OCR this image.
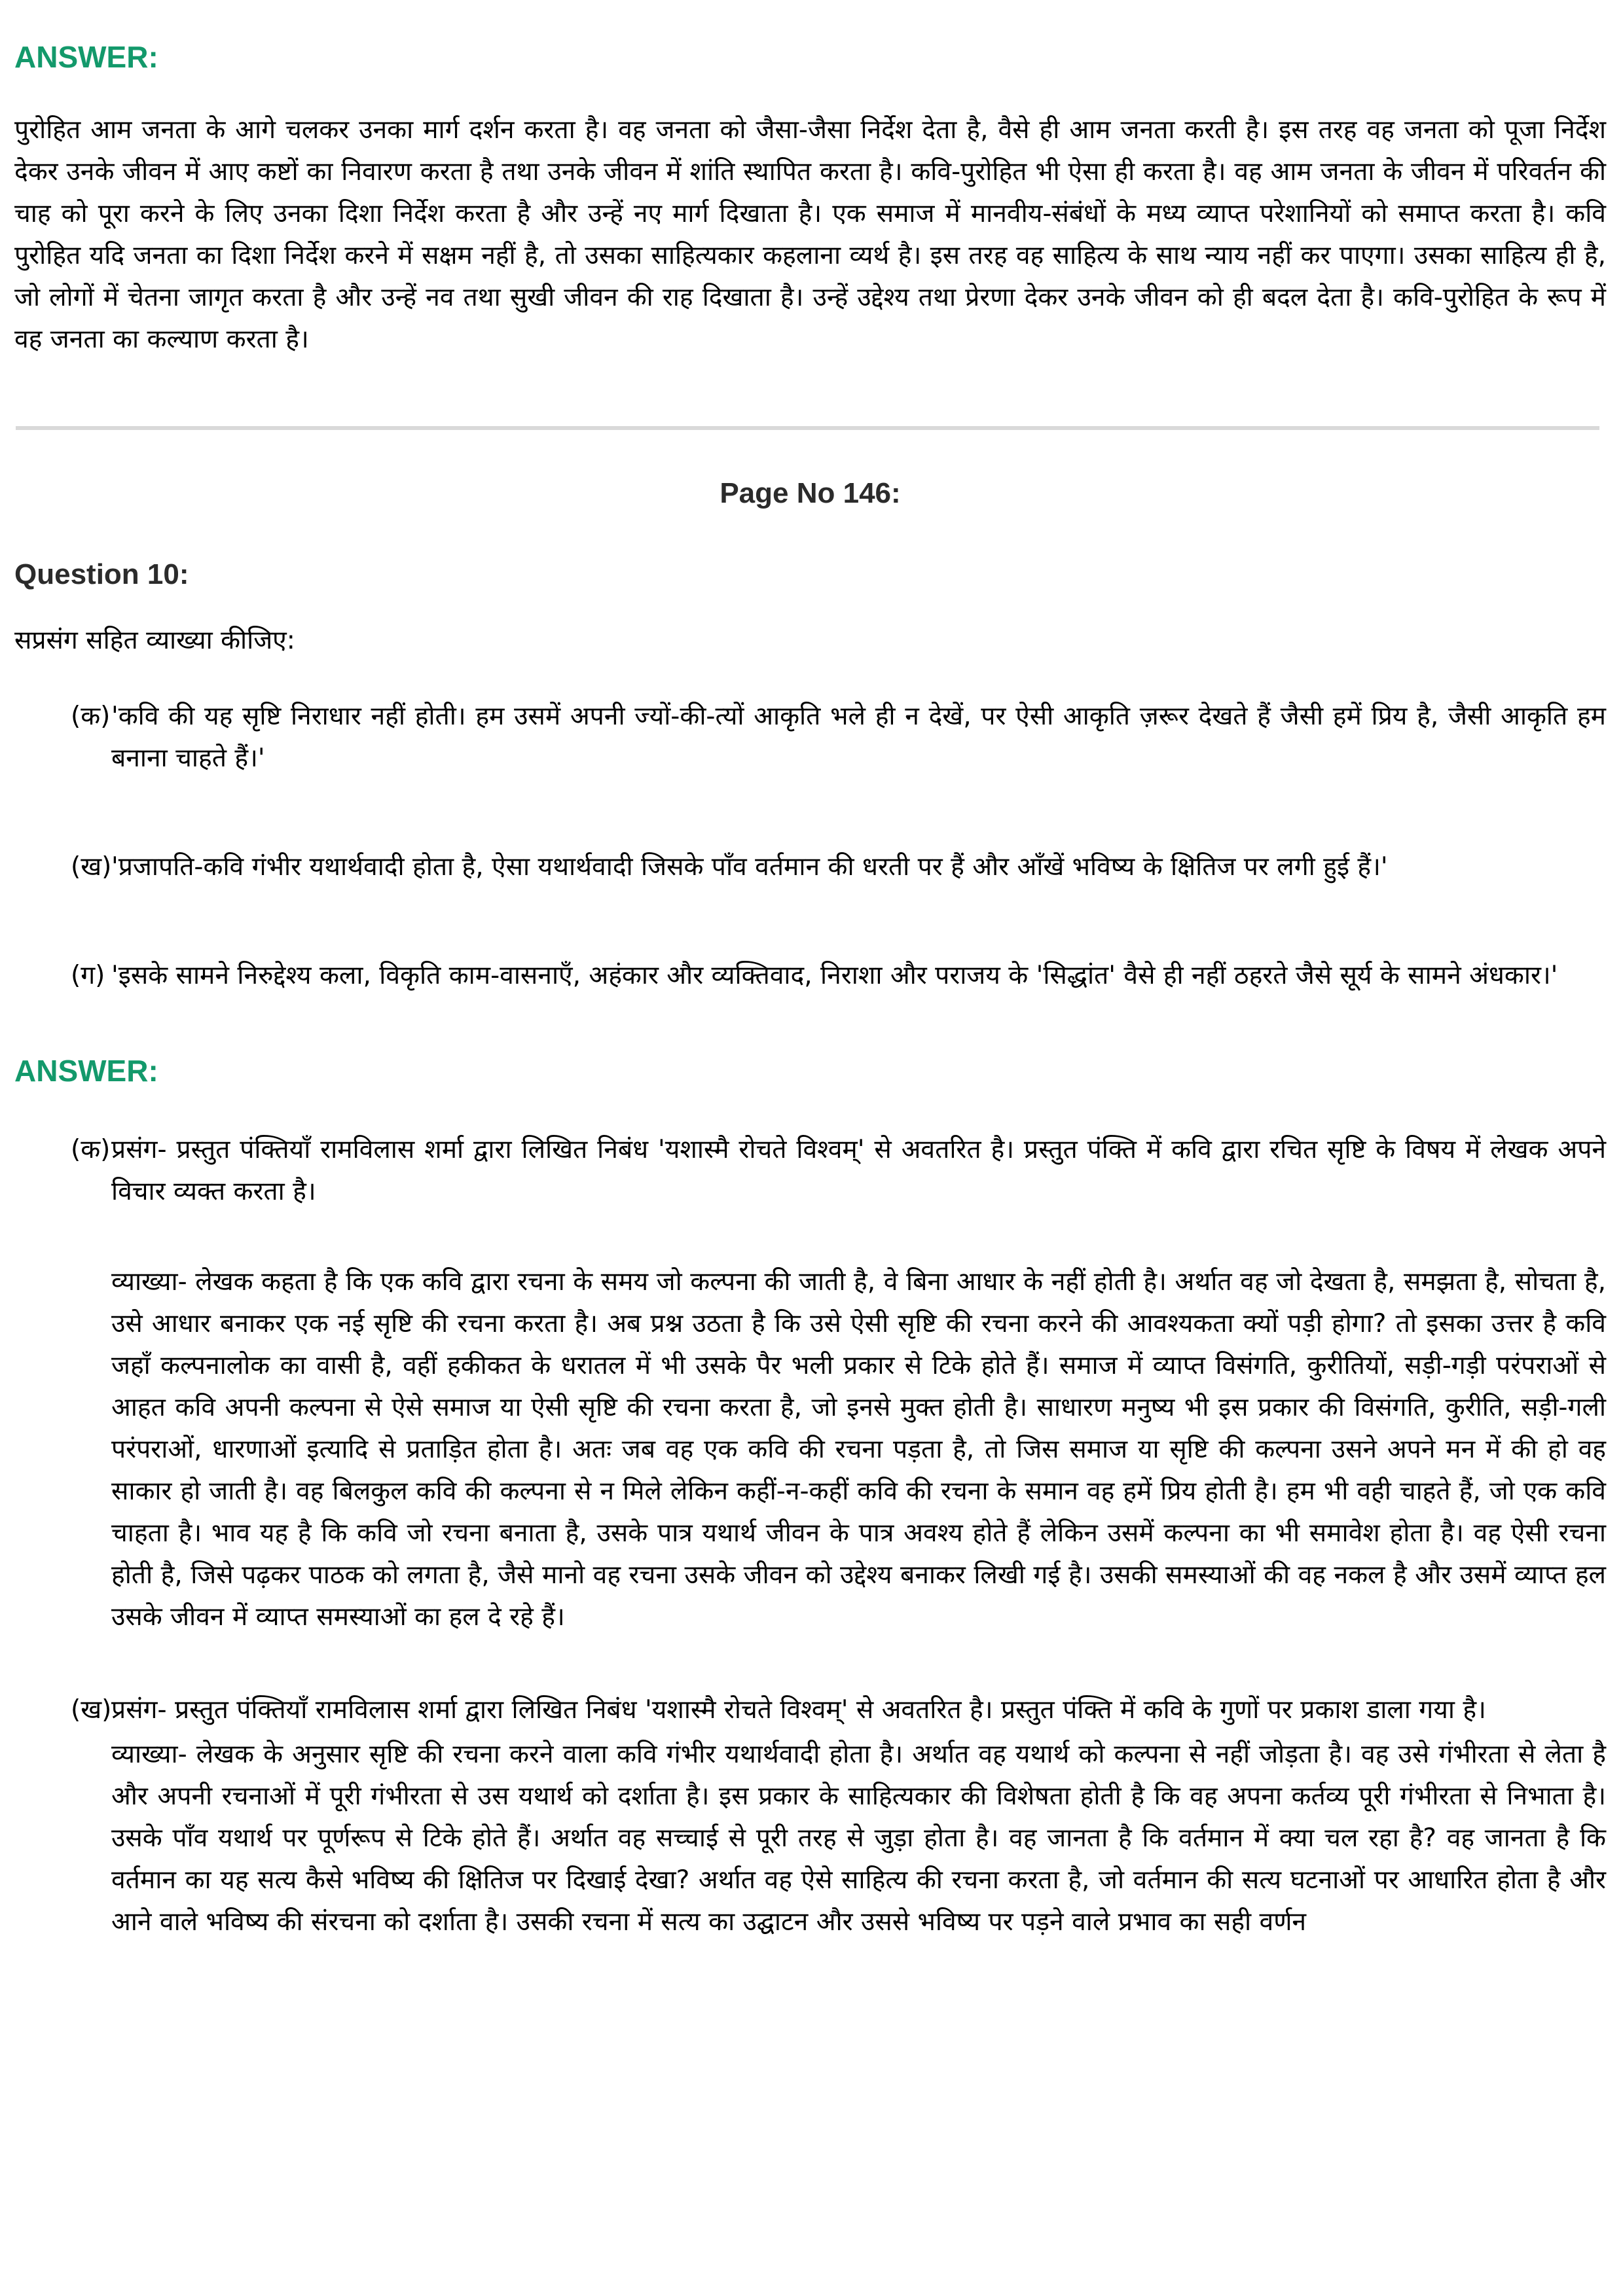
ANSWER:

पुरोहित आम जनता के आगे चलकर उनका मार्ग दर्शन करता है। वह जनता को जैसा-जैसा निर्देश देता है, वैसे ही आम जनता करती है। इस तरह वह जनता को पूजा निर्देश देकर उनके जीवन में आए कष्टों का निवारण करता है तथा उनके जीवन में शांति स्थापित करता है। कवि-पुरोहित भी ऐसा ही करता है। वह आम जनता के जीवन में परिवर्तन की चाह को पूरा करने के लिए उनका दिशा निर्देश करता है और उन्हें नए मार्ग दिखाता है। एक समाज में मानवीय-संबंधों के मध्य व्याप्त परेशानियों को समाप्त करता है। कवि पुरोहित यदि जनता का दिशा निर्देश करने में सक्षम नहीं है, तो उसका साहित्यकार कहलाना व्यर्थ है। इस तरह वह साहित्य के साथ न्याय नहीं कर पाएगा। उसका साहित्य ही है, जो लोगों में चेतना जागृत करता है और उन्हें नव तथा सुखी जीवन की राह दिखाता है। उन्हें उद्देश्य तथा प्रेरणा देकर उनके जीवन को ही बदल देता है। कवि-पुरोहित के रूप में वह जनता का कल्याण करता है।

Page No 146:
Question 10:

सप्रसंग सहित व्याख्या कीजिए:

(क) 'कवि की यह सृष्टि निराधार नहीं होती। हम उसमें अपनी ज्यों-की-त्यों आकृति भले ही न देखें, पर ऐसी आकृति ज़रूर देखते हैं जैसी हमें प्रिय है, जैसी आकृति हम बनाना चाहते हैं।'
(ख) 'प्रजापति-कवि गंभीर यथार्थवादी होता है, ऐसा यथार्थवादी जिसके पाँव वर्तमान की धरती पर हैं और आँखें भविष्य के क्षितिज पर लगी हुई हैं।'
(ग) 'इसके सामने निरुद्देश्य कला, विकृति काम-वासनाएँ, अहंकार और व्यक्तिवाद, निराशा और पराजय के 'सिद्धांत' वैसे ही नहीं ठहरते जैसे सूर्य के सामने अंधकार।'
ANSWER:
(क) प्रसंग- प्रस्तुत पंक्तियाँ रामविलास शर्मा द्वारा लिखित निबंध 'यशास्मै रोचते विश्वम्' से अवतरित है। प्रस्तुत पंक्ति में कवि द्वारा रचित सृष्टि के विषय में लेखक अपने विचार व्यक्त करता है।

व्याख्या- लेखक कहता है कि एक कवि द्वारा रचना के समय जो कल्पना की जाती है, वे बिना आधार के नहीं होती है। अर्थात वह जो देखता है, समझता है, सोचता है, उसे आधार बनाकर एक नई सृष्टि की रचना करता है। अब प्रश्न उठता है कि उसे ऐसी सृष्टि की रचना करने की आवश्यकता क्यों पड़ी होगा? तो इसका उत्तर है कवि जहाँ कल्पनालोक का वासी है, वहीं हकीकत के धरातल में भी उसके पैर भली प्रकार से टिके होते हैं। समाज में व्याप्त विसंगति, कुरीतियों, सड़ी-गड़ी परंपराओं से आहत कवि अपनी कल्पना से ऐसे समाज या ऐसी सृष्टि की रचना करता है, जो इनसे मुक्त होती है। साधारण मनुष्य भी इस प्रकार की विसंगति, कुरीति, सड़ी-गली परंपराओं, धारणाओं इत्यादि से प्रताड़ित होता है। अतः जब वह एक कवि की रचना पड़ता है, तो जिस समाज या सृष्टि की कल्पना उसने अपने मन में की हो वह साकार हो जाती है। वह बिलकुल कवि की कल्पना से न मिले लेकिन कहीं-न-कहीं कवि की रचना के समान वह हमें प्रिय होती है। हम भी वही चाहते हैं, जो एक कवि चाहता है। भाव यह है कि कवि जो रचना बनाता है, उसके पात्र यथार्थ जीवन के पात्र अवश्य होते हैं लेकिन उसमें कल्पना का भी समावेश होता है। वह ऐसी रचना होती है, जिसे पढ़कर पाठक को लगता है, जैसे मानो वह रचना उसके जीवन को उद्देश्य बनाकर लिखी गई है। उसकी समस्याओं की वह नकल है और उसमें व्याप्त हल उसके जीवन में व्याप्त समस्याओं का हल दे रहे हैं।

(ख) प्रसंग- प्रस्तुत पंक्तियाँ रामविलास शर्मा द्वारा लिखित निबंध 'यशास्मै रोचते विश्वम्' से अवतरित है। प्रस्तुत पंक्ति में कवि के गुणों पर प्रकाश डाला गया है।

व्याख्या- लेखक के अनुसार सृष्टि की रचना करने वाला कवि गंभीर यथार्थवादी होता है। अर्थात वह यथार्थ को कल्पना से नहीं जोड़ता है। वह उसे गंभीरता से लेता है और अपनी रचनाओं में पूरी गंभीरता से उस यथार्थ को दर्शाता है। इस प्रकार के साहित्यकार की विशेषता होती है कि वह अपना कर्तव्य पूरी गंभीरता से निभाता है। उसके पाँव यथार्थ पर पूर्णरूप से टिके होते हैं। अर्थात वह सच्चाई से पूरी तरह से जुड़ा होता है। वह जानता है कि वर्तमान में क्या चल रहा है? वह जानता है कि वर्तमान का यह सत्य कैसे भविष्य की क्षितिज पर दिखाई देखा? अर्थात वह ऐसे साहित्य की रचना करता है, जो वर्तमान की सत्य घटनाओं पर आधारित होता है और आने वाले भविष्य की संरचना को दर्शाता है। उसकी रचना में सत्य का उद्घाटन और उससे भविष्य पर पड़ने वाले प्रभाव का सही वर्णन
